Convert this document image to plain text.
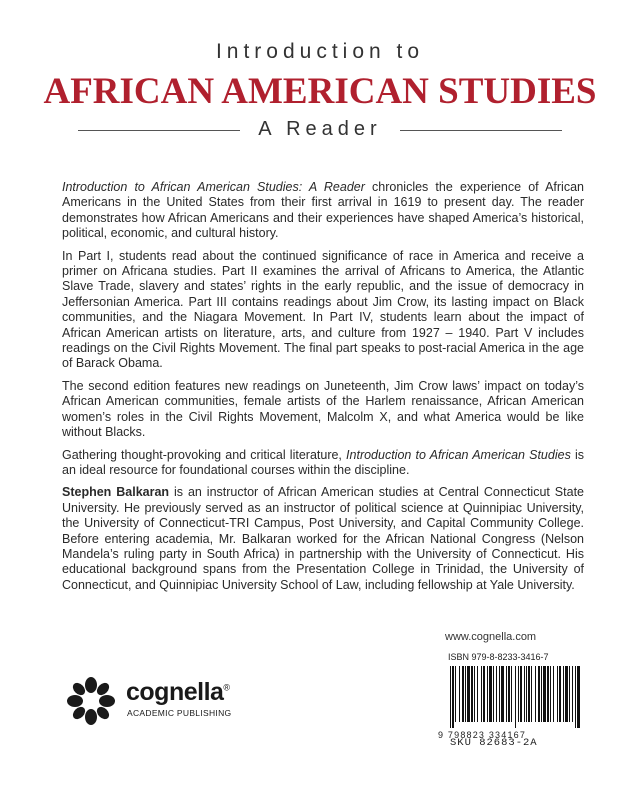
Introduction to
AFRICAN AMERICAN STUDIES
A Reader

Introduction to African American Studies: A Reader chronicles the experience of African Americans in the United States from their first arrival in 1619 to present day. The reader demonstrates how African Americans and their experiences have shaped America’s historical, political, economic, and cultural history.

In Part I, students read about the continued significance of race in America and receive a primer on Africana studies. Part II examines the arrival of Africans to America, the Atlantic Slave Trade, slavery and states’ rights in the early republic, and the issue of democracy in Jeffersonian America. Part III contains readings about Jim Crow, its lasting impact on Black communities, and the Niagara Movement. In Part IV, students learn about the impact of African American artists on literature, arts, and culture from 1927 – 1940. Part V includes readings on the Civil Rights Movement. The final part speaks to post-racial America in the age of Barack Obama.

The second edition features new readings on Juneteenth, Jim Crow laws’ impact on today’s African American communities, female artists of the Harlem renaissance, African American women’s roles in the Civil Rights Movement, Malcolm X, and what America would be like without Blacks.

Gathering thought-provoking and critical literature, Introduction to African American Studies is an ideal resource for foundational courses within the discipline.

Stephen Balkaran is an instructor of African American studies at Central Connecticut State University. He previously served as an instructor of political science at Quinnipiac University, the University of Connecticut-TRI Campus, Post University, and Capital Community College. Before entering academia, Mr. Balkaran worked for the African National Congress (Nelson Mandela’s ruling party in South Africa) in partnership with the University of Connecticut. His educational background spans from the Presentation College in Trinidad, the University of Connecticut, and Quinnipiac University School of Law, including fellowship at Yale University.

www.cognella.com
ISBN 979-8-8233-3416-7
9 798823 334167
SKU 82683-2A
cognella®
ACADEMIC PUBLISHING
